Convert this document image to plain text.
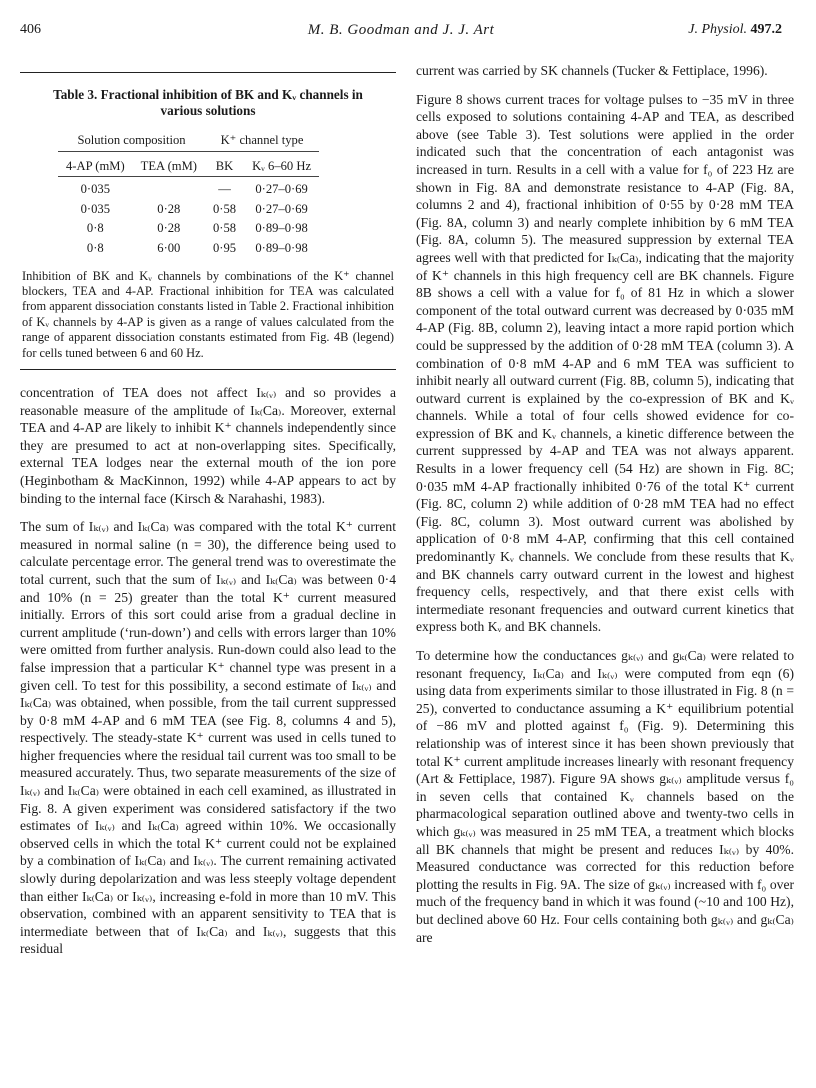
406	M. B. Goodman and J. J. Art	J. Physiol. 497.2
Table 3. Fractional inhibition of BK and Kᵥ channels in various solutions
Solution composition		K⁺ channel type	
4-AP (mM)	TEA (mM)	BK	Kᵥ 6–60 Hz

0·035		—	0·27–0·69
0·035	0·28	0·58	0·27–0·69
0·8	0·28	0·58	0·89–0·98
0·8	6·00	0·95	0·89–0·98
Inhibition of BK and Kᵥ channels by combinations of the K⁺ channel blockers, TEA and 4-AP. Fractional inhibition for TEA was calculated from apparent dissociation constants listed in Table 2. Fractional inhibition of Kᵥ channels by 4-AP is given as a range of values calculated from the range of apparent dissociation constants estimated from Fig. 4B (legend) for cells tuned between 6 and 60 Hz.

concentration of TEA does not affect Iₖ₍ᵥ₎ and so provides a reasonable measure of the amplitude of Iₖ₍Ca₎. Moreover, external TEA and 4-AP are likely to inhibit K⁺ channels independently since they are presumed to act at non-overlapping sites. Specifically, external TEA lodges near the external mouth of the ion pore (Heginbotham & MacKinnon, 1992) while 4-AP appears to act by binding to the internal face (Kirsch & Narahashi, 1983).

The sum of Iₖ₍ᵥ₎ and Iₖ₍Ca₎ was compared with the total K⁺ current measured in normal saline (n = 30), the difference being used to calculate percentage error. The general trend was to overestimate the total current, such that the sum of Iₖ₍ᵥ₎ and Iₖ₍Ca₎ was between 0·4 and 10% (n = 25) greater than the total K⁺ current measured initially. Errors of this sort could arise from a gradual decline in current amplitude (‘run-down’) and cells with errors larger than 10% were omitted from further analysis. Run-down could also lead to the false impression that a particular K⁺ channel type was present in a given cell. To test for this possibility, a second estimate of Iₖ₍ᵥ₎ and Iₖ₍Ca₎ was obtained, when possible, from the tail current suppressed by 0·8 mM 4-AP and 6 mM TEA (see Fig. 8, columns 4 and 5), respectively. The steady-state K⁺ current was used in cells tuned to higher frequencies where the residual tail current was too small to be measured accurately. Thus, two separate measurements of the size of Iₖ₍ᵥ₎ and Iₖ₍Ca₎ were obtained in each cell examined, as illustrated in Fig. 8. A given experiment was considered satisfactory if the two estimates of Iₖ₍ᵥ₎ and Iₖ₍Ca₎ agreed within 10%. We occasionally observed cells in which the total K⁺ current could not be explained by a combination of Iₖ₍Ca₎ and Iₖ₍ᵥ₎. The current remaining activated slowly during depolarization and was less steeply voltage dependent than either Iₖ₍Ca₎ or Iₖ₍ᵥ₎, increasing e-fold in more than 10 mV. This observation, combined with an apparent sensitivity to TEA that is intermediate between that of Iₖ₍Ca₎ and Iₖ₍ᵥ₎, suggests that this residual

current was carried by SK channels (Tucker & Fettiplace, 1996).

Figure 8 shows current traces for voltage pulses to −35 mV in three cells exposed to solutions containing 4-AP and TEA, as described above (see Table 3). Test solutions were applied in the order indicated such that the concentration of each antagonist was increased in turn. Results in a cell with a value for f₀ of 223 Hz are shown in Fig. 8A and demonstrate resistance to 4-AP (Fig. 8A, columns 2 and 4), fractional inhibition of 0·55 by 0·28 mM TEA (Fig. 8A, column 3) and nearly complete inhibition by 6 mM TEA (Fig. 8A, column 5). The measured suppression by external TEA agrees well with that predicted for Iₖ₍Ca₎, indicating that the majority of K⁺ channels in this high frequency cell are BK channels. Figure 8B shows a cell with a value for f₀ of 81 Hz in which a slower component of the total outward current was decreased by 0·035 mM 4-AP (Fig. 8B, column 2), leaving intact a more rapid portion which could be suppressed by the addition of 0·28 mM TEA (column 3). A combination of 0·8 mM 4-AP and 6 mM TEA was sufficient to inhibit nearly all outward current (Fig. 8B, column 5), indicating that outward current is explained by the co-expression of BK and Kᵥ channels. While a total of four cells showed evidence for co-expression of BK and Kᵥ channels, a kinetic difference between the current suppressed by 4-AP and TEA was not always apparent. Results in a lower frequency cell (54 Hz) are shown in Fig. 8C; 0·035 mM 4-AP fractionally inhibited 0·76 of the total K⁺ current (Fig. 8C, column 2) while addition of 0·28 mM TEA had no effect (Fig. 8C, column 3). Most outward current was abolished by application of 0·8 mM 4-AP, confirming that this cell contained predominantly Kᵥ channels. We conclude from these results that Kᵥ and BK channels carry outward current in the lowest and highest frequency cells, respectively, and that there exist cells with intermediate resonant frequencies and outward current kinetics that express both Kᵥ and BK channels.

To determine how the conductances gₖ₍ᵥ₎ and gₖ₍Ca₎ were related to resonant frequency, Iₖ₍Ca₎ and Iₖ₍ᵥ₎ were computed from eqn (6) using data from experiments similar to those illustrated in Fig. 8 (n = 25), converted to conductance assuming a K⁺ equilibrium potential of −86 mV and plotted against f₀ (Fig. 9). Determining this relationship was of interest since it has been shown previously that total K⁺ current amplitude increases linearly with resonant frequency (Art & Fettiplace, 1987). Figure 9A shows gₖ₍ᵥ₎ amplitude versus f₀ in seven cells that contained Kᵥ channels based on the pharmacological separation outlined above and twenty-two cells in which gₖ₍ᵥ₎ was measured in 25 mM TEA, a treatment which blocks all BK channels that might be present and reduces Iₖ₍ᵥ₎ by 40%. Measured conductance was corrected for this reduction before plotting the results in Fig. 9A. The size of gₖ₍ᵥ₎ increased with f₀ over much of the frequency band in which it was found (~10 and 100 Hz), but declined above 60 Hz. Four cells containing both gₖ₍ᵥ₎ and gₖ₍Ca₎ are
